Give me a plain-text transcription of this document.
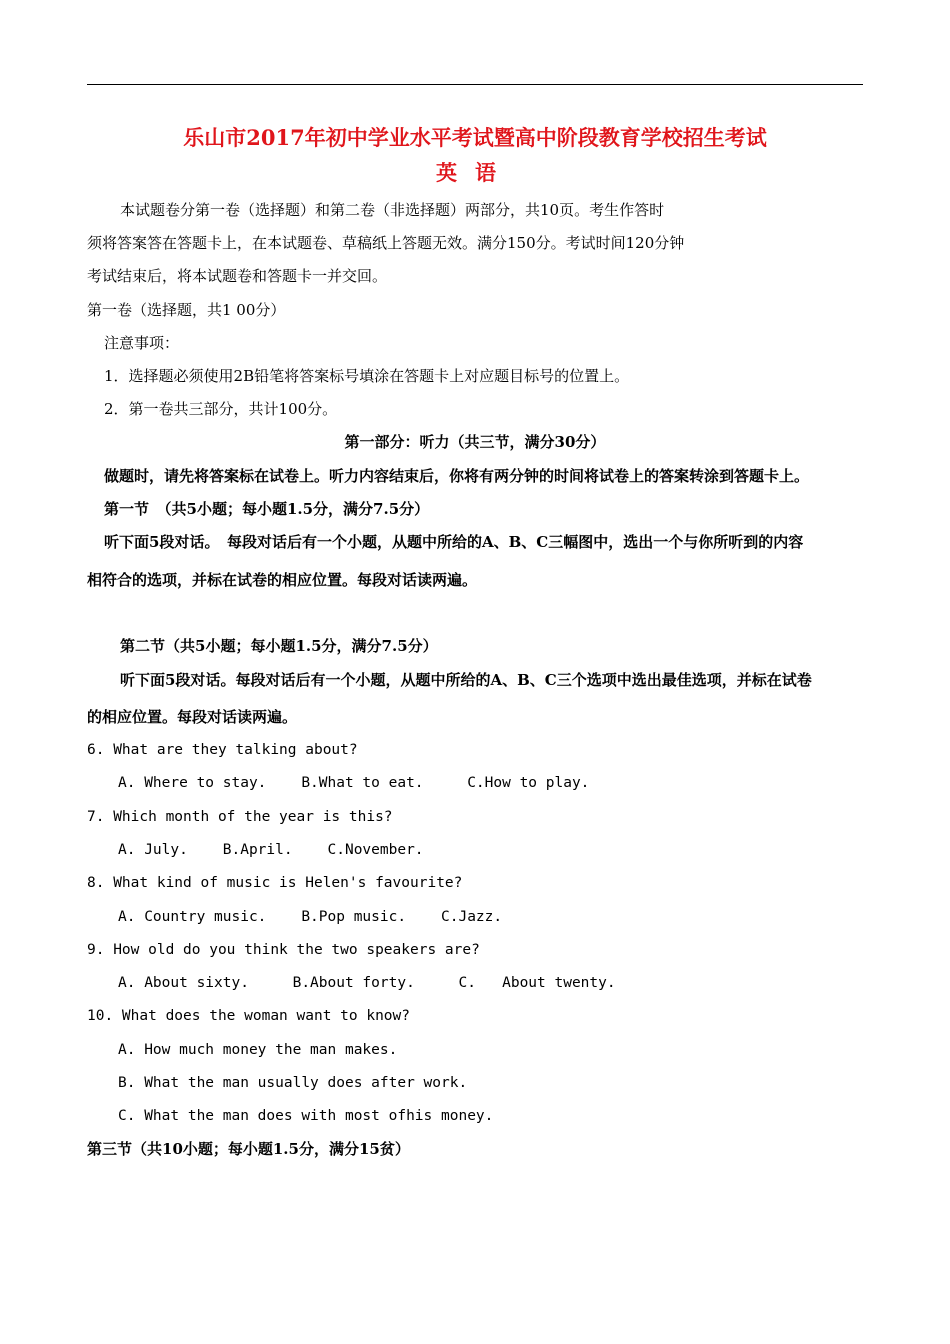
乐山市2017年初中学业水平考试暨高中阶段教育学校招生考试
英语
本试题卷分第一卷（选择题）和第二卷（非选择题）两部分，共10页。考生作答时
须将答案答在答题卡上，在本试题卷、草稿纸上答题无效。满分150分。考试时间120分钟
考试结束后，将本试题卷和答题卡一并交回。
第一卷（选择题，共1 00分）
注意事项：
1．选择题必须使用2B铅笔将答案标号填涂在答题卡上对应题目标号的位置上。
2．第一卷共三部分，共计100分。
第一部分：听力（共三节，满分30分）
做题时，请先将答案标在试卷上。听力内容结束后，你将有两分钟的时间将试卷上的答案转涂到答题卡上。
第一节　（共5小题；每小题1.5分，满分7.5分）
听下面5段对话。　每段对话后有一个小题，从题中所给的A、B、C三幅图中，选出一个与你所听到的内容
相符合的选项，并标在试卷的相应位置。每段对话读两遍。
第二节（共5小题；每小题1.5分，满分7.5分）
听下面5段对话。每段对话后有一个小题，从题中所给的A、B、C三个选项中选出最佳选项，并标在试卷
的相应位置。每段对话读两遍。
6. What are they talking about?
A. Where to stay.    B.What to eat.     C.How to play.
7. Which month of the year is this?
A. July.    B.April.    C.November.
8. What kind of music is Helen's favourite?
A. Country music.    B.Pop music.    C.Jazz.
9. How old do you think the two speakers are?
A. About sixty.     B.About forty.     C.   About twenty.
10. What does the woman want to know?
A. How much money the man makes.
B. What the man usually does after work.
C. What the man does with most ofhis money.
第三节（共10小题；每小题1.5分，满分15贫）
